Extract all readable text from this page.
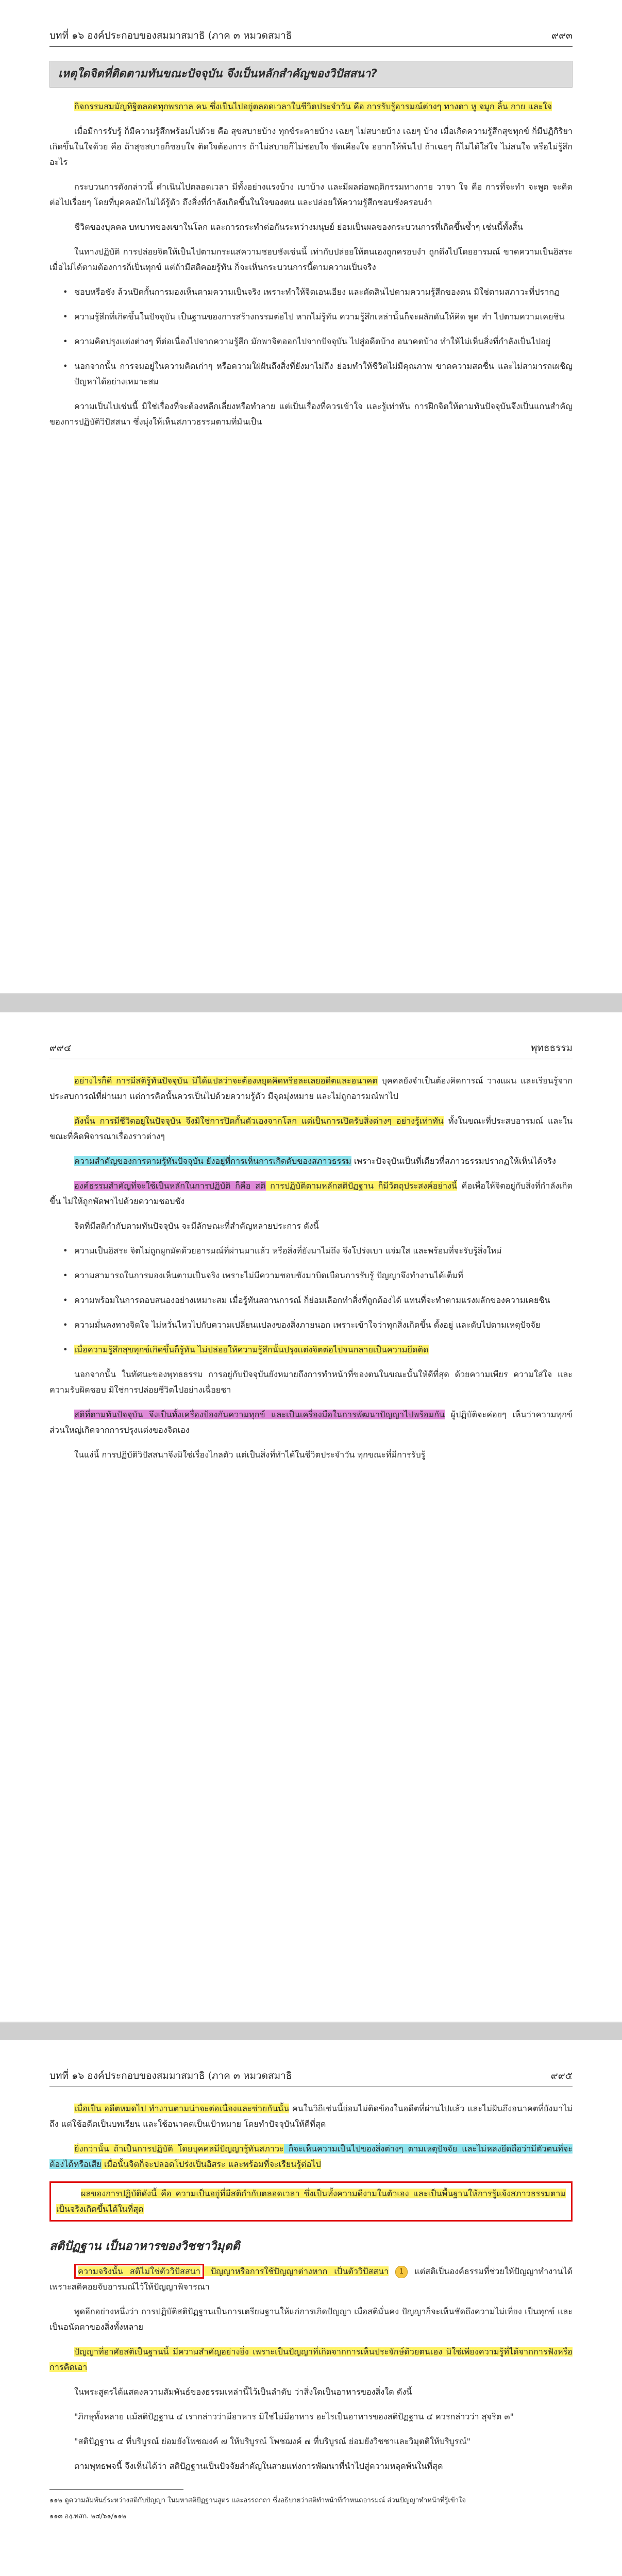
บทที่ ๑๖ องค์ประกอบของสมมาสมาธิ (ภาค ๓ หมวดสมาธิ	๙๙๓
เหตุใดจิตที่ติดตามทันขณะปัจจุบัน จึงเป็นหลักสำคัญของวิปัสสนา?

กิจกรรมสมมัญทิฐิตลอดทุกพรกาล คน ซึ่งเป็นไปอยู่ตลอดเวลาในชีวิตประจำวัน คือ การรับรู้อารมณ์ต่างๆ ทางตา หู จมูก ลิ้น กาย และใจ

เมื่อมีการรับรู้ ก็มีความรู้สึกพร้อมไปด้วย คือ สุขสบายบ้าง ทุกข์ระคายบ้าง เฉยๆ ไม่สบายบ้าง เฉยๆ บ้าง เมื่อเกิดความรู้สึกสุขทุกข์ ก็มีปฏิกิริยาเกิดขึ้นในใจด้วย คือ ถ้าสุขสบายก็ชอบใจ ติดใจต้องการ ถ้าไม่สบายก็ไม่ชอบใจ ขัดเคืองใจ อยากให้พ้นไป ถ้าเฉยๆ ก็ไม่ได้ใส่ใจ ไม่สนใจ หรือไม่รู้สึกอะไร

กระบวนการดังกล่าวนี้ ดำเนินไปตลอดเวลา มีทั้งอย่างแรงบ้าง เบาบ้าง และมีผลต่อพฤติกรรมทางกาย วาจา ใจ คือ การที่จะทำ จะพูด จะคิดต่อไปเรื่อยๆ โดยที่บุคคลมักไม่ได้รู้ตัว ถึงสิ่งที่กำลังเกิดขึ้นในใจของตน และปล่อยให้ความรู้สึกชอบชังครอบงำ

ชีวิตของบุคคล บทบาทของเขาในโลก และการกระทำต่อกันระหว่างมนุษย์ ย่อมเป็นผลของกระบวนการที่เกิดขึ้นซ้ำๆ เช่นนี้ทั้งสิ้น

ในทางปฏิบัติ การปล่อยจิตให้เป็นไปตามกระแสความชอบชังเช่นนี้ เท่ากับปล่อยให้ตนเองถูกครอบงำ ถูกดึงไปโดยอารมณ์ ขาดความเป็นอิสระ เมื่อไม่ได้ตามต้องการก็เป็นทุกข์ แต่ถ้ามีสติคอยรู้ทัน ก็จะเห็นกระบวนการนี้ตามความเป็นจริง

• ชอบหรือชัง ล้วนปิดกั้นการมองเห็นตามความเป็นจริง เพราะทำให้จิตเอนเอียง และตัดสินไปตามความรู้สึกของตน มิใช่ตามสภาวะที่ปรากฏ

• ความรู้สึกที่เกิดขึ้นในปัจจุบัน เป็นฐานของการสร้างกรรมต่อไป หากไม่รู้ทัน ความรู้สึกเหล่านั้นก็จะผลักดันให้คิด พูด ทำ ไปตามความเคยชิน

• ความคิดปรุงแต่งต่างๆ ที่ต่อเนื่องไปจากความรู้สึก มักพาจิตออกไปจากปัจจุบัน ไปสู่อดีตบ้าง อนาคตบ้าง ทำให้ไม่เห็นสิ่งที่กำลังเป็นไปอยู่

• นอกจากนั้น การจมอยู่ในความคิดเก่าๆ หรือความใฝ่ฝันถึงสิ่งที่ยังมาไม่ถึง ย่อมทำให้ชีวิตไม่มีคุณภาพ ขาดความสดชื่น และไม่สามารถเผชิญปัญหาได้อย่างเหมาะสม

ความเป็นไปเช่นนี้ มิใช่เรื่องที่จะต้องหลีกเลี่ยงหรือทำลาย แต่เป็นเรื่องที่ควรเข้าใจ และรู้เท่าทัน การฝึกจิตให้ตามทันปัจจุบันจึงเป็นแกนสำคัญของการปฏิบัติวิปัสสนา ซึ่งมุ่งให้เห็นสภาวธรรมตามที่มันเป็น

๙๙๔	พุทธธรรม

อย่างไรก็ดี การมีสติรู้ทันปัจจุบัน มิได้แปลว่าจะต้องหยุดคิดหรือละเลยอดีตและอนาคต บุคคลยังจำเป็นต้องคิดการณ์ วางแผน และเรียนรู้จากประสบการณ์ที่ผ่านมา แต่การคิดนั้นควรเป็นไปด้วยความรู้ตัว มีจุดมุ่งหมาย และไม่ถูกอารมณ์พาไป

ดังนั้น การมีชีวิตอยู่ในปัจจุบัน จึงมิใช่การปิดกั้นตัวเองจากโลก แต่เป็นการเปิดรับสิ่งต่างๆ อย่างรู้เท่าทัน ทั้งในขณะที่ประสบอารมณ์ และในขณะที่คิดพิจารณาเรื่องราวต่างๆ

ความสำคัญของการตามรู้ทันปัจจุบัน ยังอยู่ที่การเห็นการเกิดดับของสภาวธรรม เพราะปัจจุบันเป็นที่เดียวที่สภาวธรรมปรากฏให้เห็นได้จริง

องค์ธรรมสำคัญที่จะใช้เป็นหลักในการปฏิบัติ ก็คือ สติ การปฏิบัติตามหลักสติปัฏฐาน ก็มีวัตถุประสงค์อย่างนี้ คือเพื่อให้จิตอยู่กับสิ่งที่กำลังเกิดขึ้น ไม่ให้ถูกพัดพาไปด้วยความชอบชัง

จิตที่มีสติกำกับตามทันปัจจุบัน จะมีลักษณะที่สำคัญหลายประการ ดังนี้

• ความเป็นอิสระ จิตไม่ถูกผูกมัดด้วยอารมณ์ที่ผ่านมาแล้ว หรือสิ่งที่ยังมาไม่ถึง จึงโปร่งเบา แจ่มใส และพร้อมที่จะรับรู้สิ่งใหม่

• ความสามารถในการมองเห็นตามเป็นจริง เพราะไม่มีความชอบชังมาบิดเบือนการรับรู้ ปัญญาจึงทำงานได้เต็มที่

• ความพร้อมในการตอบสนองอย่างเหมาะสม เมื่อรู้ทันสถานการณ์ ก็ย่อมเลือกทำสิ่งที่ถูกต้องได้ แทนที่จะทำตามแรงผลักของความเคยชิน

• ความมั่นคงทางจิตใจ ไม่หวั่นไหวไปกับความเปลี่ยนแปลงของสิ่งภายนอก เพราะเข้าใจว่าทุกสิ่งเกิดขึ้น ตั้งอยู่ และดับไปตามเหตุปัจจัย

• เมื่อความรู้สึกสุขทุกข์เกิดขึ้นก็รู้ทัน ไม่ปล่อยให้ความรู้สึกนั้นปรุงแต่งจิตต่อไปจนกลายเป็นความยึดติด

นอกจากนั้น ในทัศนะของพุทธธรรม การอยู่กับปัจจุบันยังหมายถึงการทำหน้าที่ของตนในขณะนั้นให้ดีที่สุด ด้วยความเพียร ความใส่ใจ และความรับผิดชอบ มิใช่การปล่อยชีวิตไปอย่างเฉื่อยชา

สติที่ตามทันปัจจุบัน จึงเป็นทั้งเครื่องป้องกันความทุกข์ และเป็นเครื่องมือในการพัฒนาปัญญาไปพร้อมกัน ผู้ปฏิบัติจะค่อยๆ เห็นว่าความทุกข์ส่วนใหญ่เกิดจากการปรุงแต่งของจิตเอง

ในแง่นี้ การปฏิบัติวิปัสสนาจึงมิใช่เรื่องไกลตัว แต่เป็นสิ่งที่ทำได้ในชีวิตประจำวัน ทุกขณะที่มีการรับรู้

บทที่ ๑๖ องค์ประกอบของสมมาสมาธิ (ภาค ๓ หมวดสมาธิ	๙๙๕

เมื่อเป็น อดีตหมดไป ทำงานตามน่าจะต่อเนื่องและช่วยกันนั้น คนในวิถีเช่นนี้ย่อมไม่ติดข้องในอดีตที่ผ่านไปแล้ว และไม่ฝันถึงอนาคตที่ยังมาไม่ถึง แต่ใช้อดีตเป็นบทเรียน และใช้อนาคตเป็นเป้าหมาย โดยทำปัจจุบันให้ดีที่สุด

ยิ่งกว่านั้น ถ้าเป็นการปฏิบัติ โดยบุคคลมีปัญญารู้ทันสภาวะ ก็จะเห็นความเป็นไปของสิ่งต่างๆ ตามเหตุปัจจัย และไม่หลงยึดถือว่ามีตัวตนที่จะต้องได้หรือเสีย เมื่อนั้นจิตก็จะปลอดโปร่งเป็นอิสระ และพร้อมที่จะเรียนรู้ต่อไป

ผลของการปฏิบัติดังนี้ คือ ความเป็นอยู่ที่มีสติกำกับตลอดเวลา ซึ่งเป็นทั้งความดีงามในตัวเอง และเป็นพื้นฐานให้การรู้แจ้งสภาวธรรมตามเป็นจริงเกิดขึ้นได้ในที่สุด

สติปัฏฐาน เป็นอาหารของวิชชาวิมุตติ

ความจริงนั้น สติไม่ใช่ตัววิปัสสนา ปัญญาหรือการใช้ปัญญาต่างหาก เป็นตัววิปัสสนา 1 แต่สติเป็นองค์ธรรมที่ช่วยให้ปัญญาทำงานได้ เพราะสติคอยจับอารมณ์ไว้ให้ปัญญาพิจารณา

พูดอีกอย่างหนึ่งว่า การปฏิบัติสติปัฏฐานเป็นการเตรียมฐานให้แก่การเกิดปัญญา เมื่อสติมั่นคง ปัญญาก็จะเห็นชัดถึงความไม่เที่ยง เป็นทุกข์ และเป็นอนัตตาของสิ่งทั้งหลาย

ปัญญาที่อาศัยสติเป็นฐานนี้ มีความสำคัญอย่างยิ่ง เพราะเป็นปัญญาที่เกิดจากการเห็นประจักษ์ด้วยตนเอง มิใช่เพียงความรู้ที่ได้จากการฟังหรือการคิดเอา

ในพระสูตรได้แสดงความสัมพันธ์ของธรรมเหล่านี้ไว้เป็นลำดับ ว่าสิ่งใดเป็นอาหารของสิ่งใด ดังนี้

"ภิกษุทั้งหลาย แม้สติปัฏฐาน ๔ เรากล่าวว่ามีอาหาร มิใช่ไม่มีอาหาร อะไรเป็นอาหารของสติปัฏฐาน ๔ ควรกล่าวว่า สุจริต ๓"

"สติปัฏฐาน ๔ ที่บริบูรณ์ ย่อมยังโพชฌงค์ ๗ ให้บริบูรณ์ โพชฌงค์ ๗ ที่บริบูรณ์ ย่อมยังวิชชาและวิมุตติให้บริบูรณ์"

ตามพุทธพจนี้ จึงเห็นได้ว่า สติปัฏฐานเป็นปัจจัยสำคัญในสายแห่งการพัฒนาที่นำไปสู่ความหลุดพ้นในที่สุด

๑๑๒ ดูความสัมพันธ์ระหว่างสติกับปัญญา ในมหาสติปัฏฐานสูตร และอรรถกถา ซึ่งอธิบายว่าสติทำหน้าที่กำหนดอารมณ์ ส่วนปัญญาทำหน้าที่รู้เข้าใจ

๑๑๓ องฺ.ทสก. ๒๔/๖๑/๑๑๒
